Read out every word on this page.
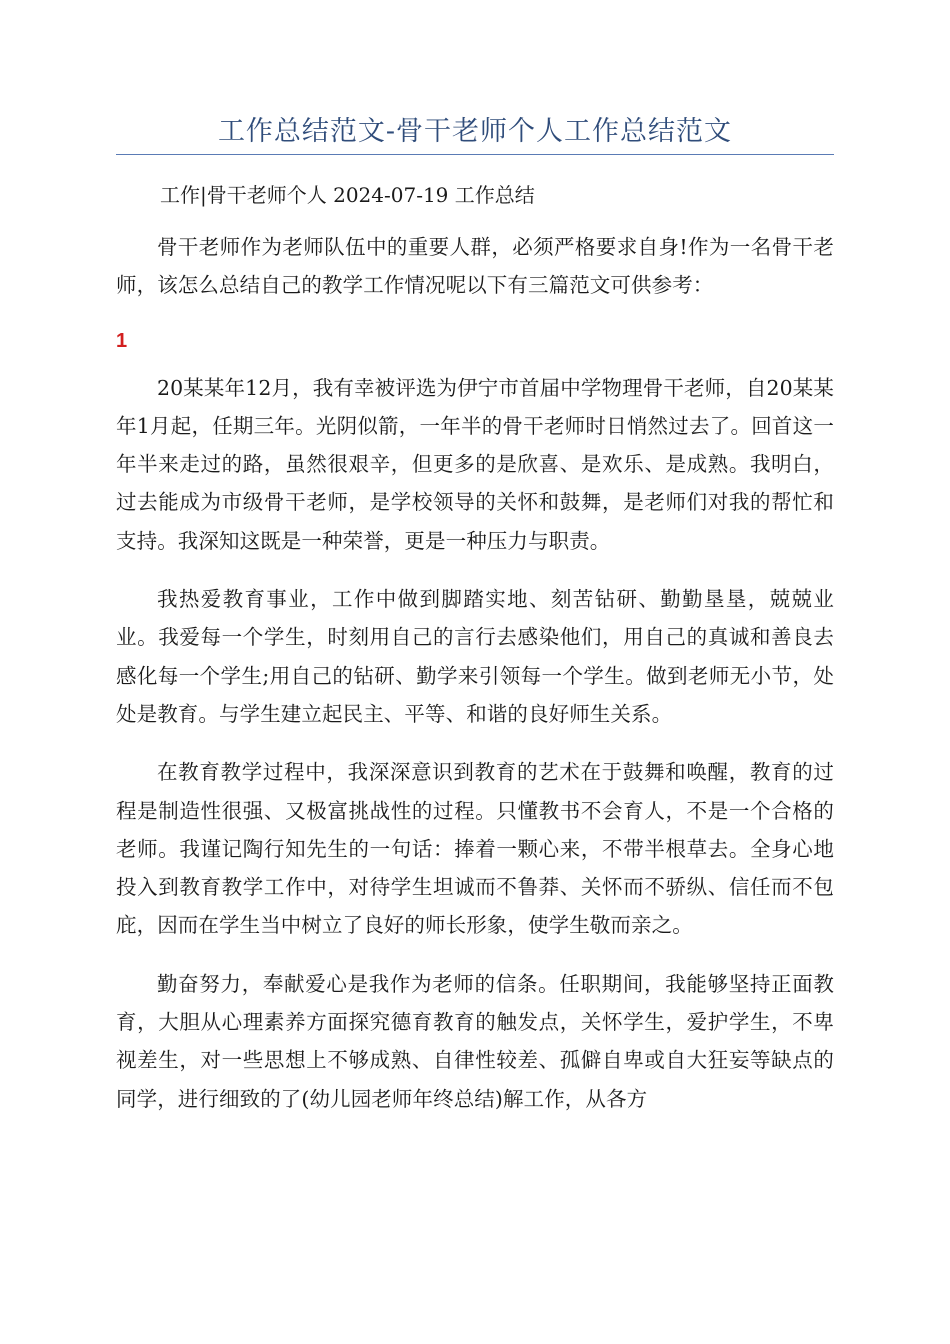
工作总结范文-骨干老师个人工作总结范文

工作|骨干老师个人 2024-07-19 工作总结

骨干老师作为老师队伍中的重要人群，必须严格要求自身!作为一名骨干老师，该怎么总结自己的教学工作情况呢以下有三篇范文可供参考：

1

20某某年12月，我有幸被评选为伊宁市首届中学物理骨干老师，自20某某年1月起，任期三年。光阴似箭，一年半的骨干老师时日悄然过去了。回首这一年半来走过的路，虽然很艰辛，但更多的是欣喜、是欢乐、是成熟。我明白，过去能成为市级骨干老师，是学校领导的关怀和鼓舞，是老师们对我的帮忙和支持。我深知这既是一种荣誉，更是一种压力与职责。

我热爱教育事业，工作中做到脚踏实地、刻苦钻研、勤勤垦垦，兢兢业业。我爱每一个学生，时刻用自己的言行去感染他们，用自己的真诚和善良去感化每一个学生;用自己的钻研、勤学来引领每一个学生。做到老师无小节，处处是教育。与学生建立起民主、平等、和谐的良好师生关系。

在教育教学过程中，我深深意识到教育的艺术在于鼓舞和唤醒，教育的过程是制造性很强、又极富挑战性的过程。只懂教书不会育人，不是一个合格的老师。我谨记陶行知先生的一句话：捧着一颗心来，不带半根草去。全身心地投入到教育教学工作中，对待学生坦诚而不鲁莽、关怀而不骄纵、信任而不包庇，因而在学生当中树立了良好的师长形象，使学生敬而亲之。

勤奋努力，奉献爱心是我作为老师的信条。任职期间，我能够坚持正面教育，大胆从心理素养方面探究德育教育的触发点，关怀学生，爱护学生，不卑视差生，对一些思想上不够成熟、自律性较差、孤僻自卑或自大狂妄等缺点的同学，进行细致的了(幼儿园老师年终总结)解工作，从各方
